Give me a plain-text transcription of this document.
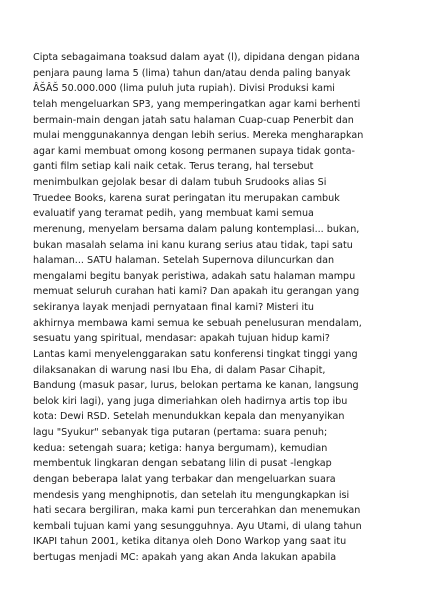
Cipta sebagaimana toaksud dalam ayat (l), dipidana dengan pidana
penjara paung lama 5 (lima) tahun dan/atau denda paling banyak
ÂŠÂŠ 50.000.000 (lima puluh juta rupiah). Divisi Produksi kami
telah mengeluarkan SP3, yang memperingatkan agar kami berhenti
bermain-main dengan jatah satu halaman Cuap-cuap Penerbit dan
mulai menggunakannya dengan lebih serius. Mereka mengharapkan
agar kami membuat omong kosong permanen supaya tidak gonta-
ganti film setiap kali naik cetak. Terus terang, hal tersebut
menimbulkan gejolak besar di dalam tubuh Srudooks alias Si
Truedee Books, karena surat peringatan itu merupakan cambuk
evaluatif yang teramat pedih, yang membuat kami semua
merenung, menyelam bersama dalam palung kontemplasi... bukan,
bukan masalah selama ini kanu kurang serius atau tidak, tapi satu
halaman... SATU halaman. Setelah Supernova diluncurkan dan
mengalami begitu banyak peristiwa, adakah satu halaman mampu
memuat seluruh curahan hati kami? Dan apakah itu gerangan yang
sekiranya layak menjadi pernyataan final kami? Misteri itu
akhirnya membawa kami semua ke sebuah penelusuran mendalam,
sesuatu yang spiritual, mendasar: apakah tujuan hidup kami?
Lantas kami menyelenggarakan satu konferensi tingkat tinggi yang
dilaksanakan di warung nasi Ibu Eha, di dalam Pasar Cihapit,
Bandung (masuk pasar, lurus, belokan pertama ke kanan, langsung
belok kiri lagi), yang juga dimeriahkan oleh hadirnya artis top ibu
kota: Dewi RSD. Setelah menundukkan kepala dan menyanyikan
lagu "Syukur" sebanyak tiga putaran (pertama: suara penuh;
kedua: setengah suara; ketiga: hanya bergumam), kemudian
membentuk lingkaran dengan sebatang lilin di pusat -lengkap
dengan beberapa lalat yang terbakar dan mengeluarkan suara
mendesis yang menghipnotis, dan setelah itu mengungkapkan isi
hati secara bergiliran, maka kami pun tercerahkan dan menemukan
kembali tujuan kami yang sesungguhnya. Ayu Utami, di ulang tahun
IKAPI tahun 2001, ketika ditanya oleh Dono Warkop yang saat itu
bertugas menjadi MC: apakah yang akan Anda lakukan apabila
